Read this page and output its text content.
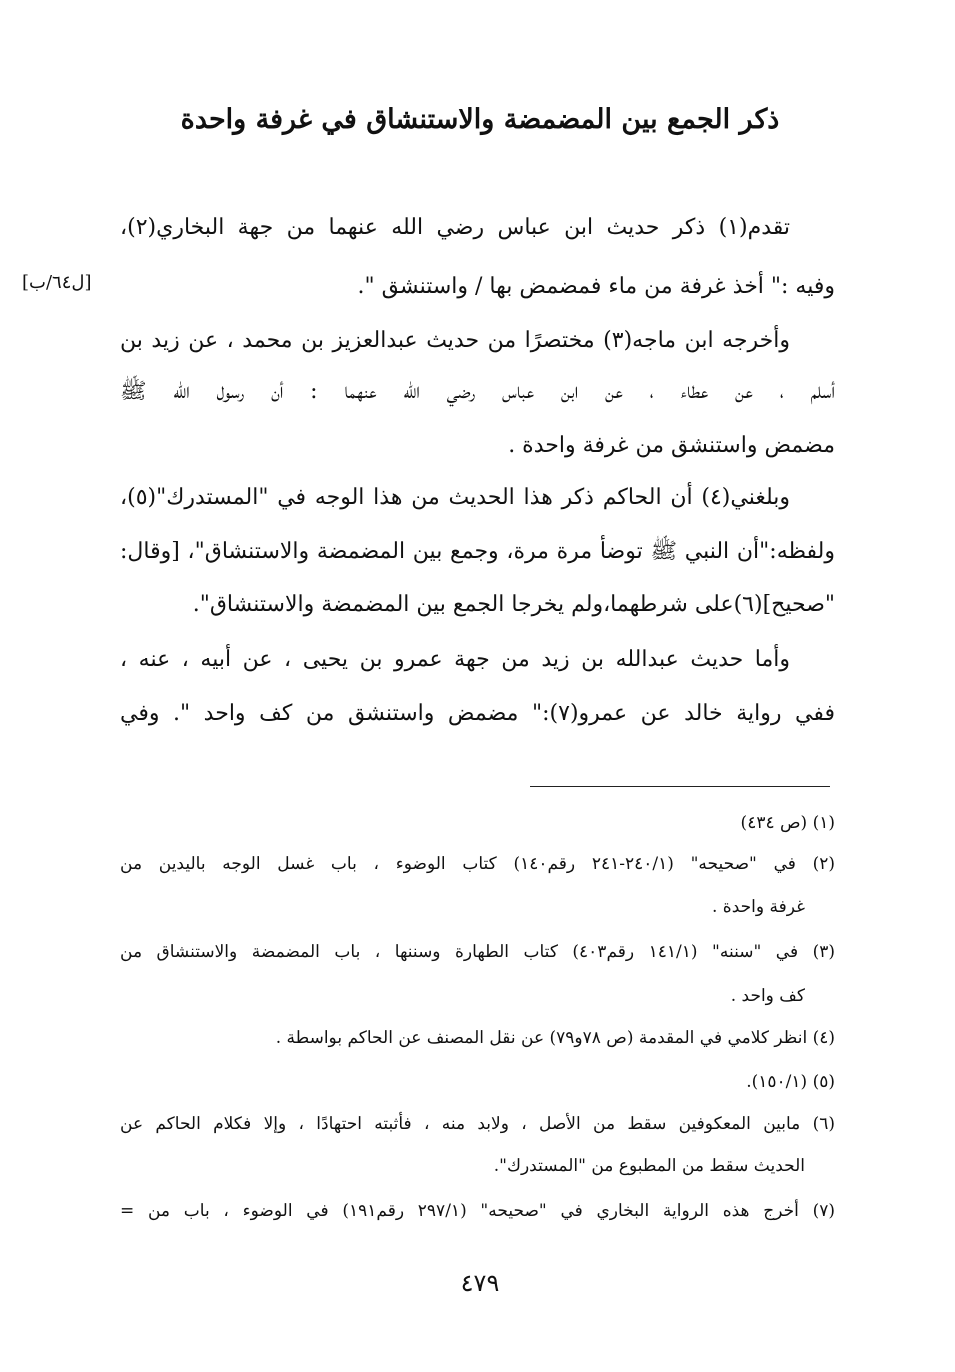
ذكر الجمع بين المضمضة والاستنشاق في غرفة واحدة
[ل٦٤/ب]
تقدم(١) ذكر حديث ابن عباس رضي الله عنهما من جهة البخاري(٢)،
وفيه :" أخذ غرفة من ماء فمضمض بها / واستنشق ".
وأخرجه ابن ماجه(٣) مختصرًا من حديث عبدالعزيز بن محمد ، عن زيد بن
أسلم ، عن عطاء ، عن ابن عباس رضي الله عنهما : أن رسول الله ﷺ
مضمض واستنشق من غرفة واحدة .
وبلغني(٤) أن الحاكم ذكر هذا الحديث من هذا الوجه في "المستدرك"(٥)،
ولفظه:"أن النبي ﷺ توضأ مرة مرة، وجمع بين المضمضة والاستنشاق"، [وقال:
"صحيح](٦)على شرطهما،ولم يخرجا الجمع بين المضمضة والاستنشاق".
وأما حديث عبدالله بن زيد من جهة عمرو بن يحيى ، عن أبيه ، عنه ،
ففي رواية خالد عن عمرو(٧):" مضمض واستنشق من كف واحد ". وفي
(١) (ص ٤٣٤)
(٢) في "صحيحه" (٢٤٠/١-٢٤١ رقم١٤٠) كتاب الوضوء ، باب غسل الوجه باليدين من
غرفة واحدة .
(٣) في "سننه" (١٤١/١ رقم٤٠٣) كتاب الطهارة وسننها ، باب المضمضة والاستنشاق من
كف واحد .
(٤) انظر كلامي في المقدمة (ص ٧٨و٧٩) عن نقل المصنف عن الحاكم بواسطة .
(٥) (١٥٠/١).
(٦) مابين المعكوفين سقط من الأصل ، ولابد منه ، فأثبته احتهادًا ، وإلا فكلام الحاكم عن
الحديث سقط من المطبوع من "المستدرك".
(٧) أخرج هذه الرواية البخاري في "صحيحه" (٢٩٧/١ رقم١٩١) في الوضوء ، باب من =
٤٧٩
